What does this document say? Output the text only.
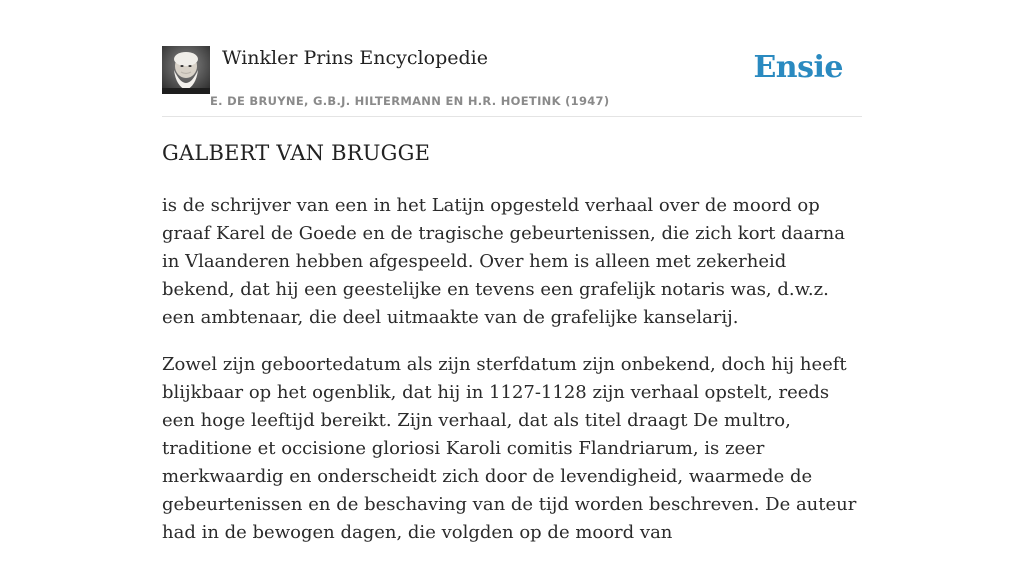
Winkler Prins Encyclopedie
E. DE BRUYNE, G.B.J. HILTERMANN EN H.R. HOETINK (1947)
Ensie
GALBERT VAN BRUGGE

is de schrijver van een in het Latijn opgesteld verhaal over de moord op graaf Karel de Goede en de tragische gebeurtenissen, die zich kort daarna in Vlaanderen hebben afgespeeld. Over hem is alleen met zekerheid bekend, dat hij een geestelijke en tevens een grafelijk notaris was, d.w.z. een ambtenaar, die deel uitmaakte van de grafelijke kanselarij.

Zowel zijn geboortedatum als zijn sterfdatum zijn onbekend, doch hij heeft blijkbaar op het ogenblik, dat hij in 1127-1128 zijn verhaal opstelt, reeds een hoge leeftijd bereikt. Zijn verhaal, dat als titel draagt De multro, traditione et occisione gloriosi Karoli comitis Flandriarum, is zeer merkwaardig en onderscheidt zich door de levendigheid, waarmede de gebeurtenissen en de beschaving van de tijd worden beschreven. De auteur had in de bewogen dagen, die volgden op de moord van
